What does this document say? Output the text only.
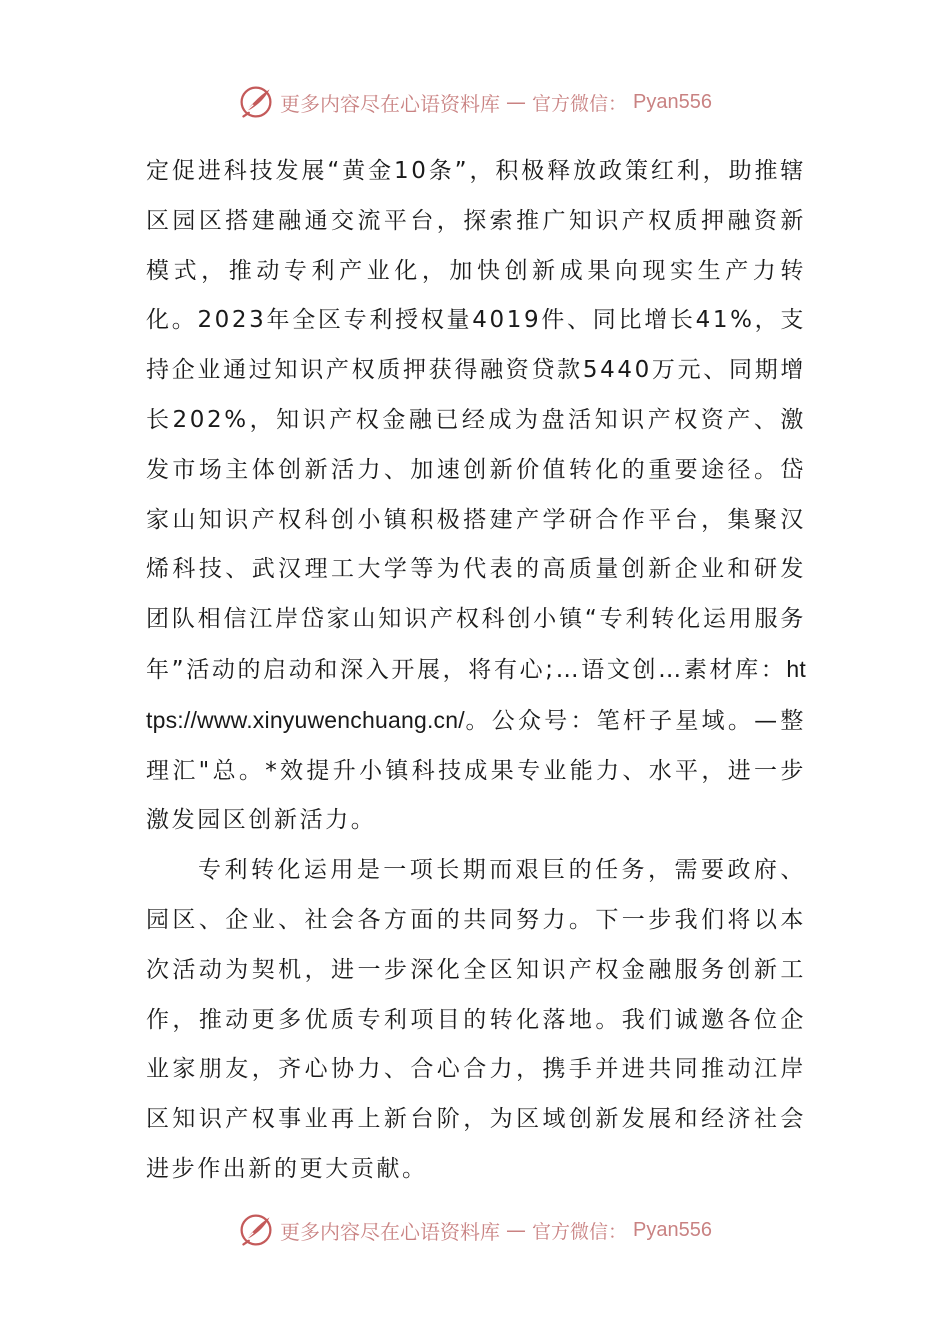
更多内容尽在心语资料库 — 官方微信： Pyan556

定促进科技发展“黄金10条”，积极释放政策红利，助推辖区园区搭建融通交流平台，探索推广知识产权质押融资新模式，推动专利产业化，加快创新成果向现实生产力转化。2023年全区专利授权量4019件、同比增长41%，支持企业通过知识产权质押获得融资贷款5440万元、同期增长202%，知识产权金融已经成为盘活知识产权资产、激发市场主体创新活力、加速创新价值转化的重要途径。岱家山知识产权科创小镇积极搭建产学研合作平台，集聚汉烯科技、武汉理工大学等为代表的高质量创新企业和研发团队相信江岸岱家山知识产权科创小镇“专利转化运用服务年”活动的启动和深入开展，将有心;…语文创…素材库：https://www.xinyuwenchuang.cn/。公众号：笔杆子星域。—整理汇"总。*效提升小镇科技成果专业能力、水平，进一步激发园区创新活力。

专利转化运用是一项长期而艰巨的任务，需要政府、园区、企业、社会各方面的共同努力。下一步我们将以本次活动为契机，进一步深化全区知识产权金融服务创新工作，推动更多优质专利项目的转化落地。我们诚邀各位企业家朋友，齐心协力、合心合力，携手并进共同推动江岸区知识产权事业再上新台阶，为区域创新发展和经济社会进步作出新的更大贡献。

更多内容尽在心语资料库 — 官方微信： Pyan556
